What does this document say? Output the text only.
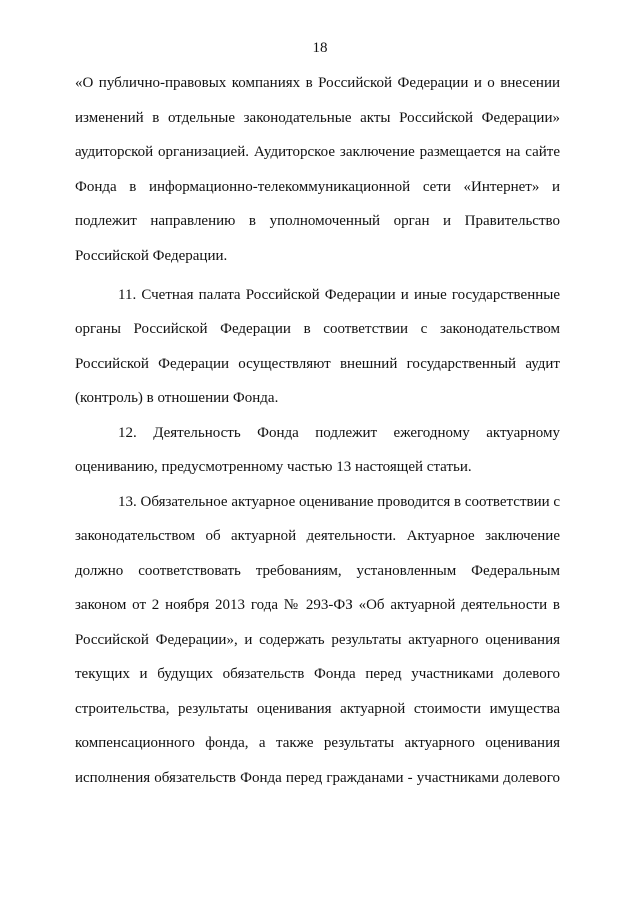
18
«О публично-правовых компаниях в Российской Федерации и о внесении
изменений в отдельные законодательные акты Российской Федерации»
аудиторской организацией. Аудиторское заключение размещается на сайте
Фонда в информационно-телекоммуникационной сети «Интернет» и
подлежит направлению в уполномоченный орган и Правительство
Российской Федерации.
11. Счетная палата Российской Федерации и иные государственные
органы Российской Федерации в соответствии с законодательством
Российской Федерации осуществляют внешний государственный аудит
(контроль) в отношении Фонда.
12. Деятельность Фонда подлежит ежегодному актуарному
оцениванию, предусмотренному частью 13 настоящей статьи.
13. Обязательное актуарное оценивание проводится в соответствии с
законодательством об актуарной деятельности. Актуарное заключение
должно соответствовать требованиям, установленным Федеральным
законом от 2 ноября 2013 года № 293-ФЗ «Об актуарной деятельности в
Российской Федерации», и содержать результаты актуарного оценивания
текущих и будущих обязательств Фонда перед участниками долевого
строительства, результаты оценивания актуарной стоимости имущества
компенсационного фонда, а также результаты актуарного оценивания
исполнения обязательств Фонда перед гражданами - участниками долевого
